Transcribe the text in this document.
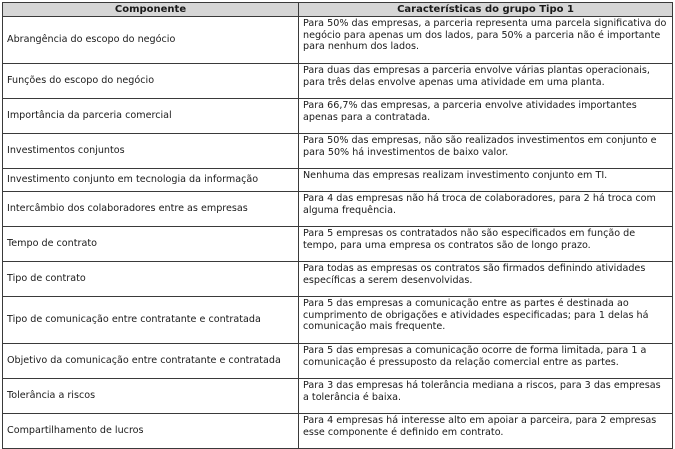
Componente	Características do grupo Tipo 1
Abrangência do escopo do negócio	Para 50% das empresas, a parceria representa uma parcela significativa do negócio para apenas um dos lados, para 50% a parceria não é importante para nenhum dos lados.
Funções do escopo do negócio	Para duas das empresas a parceria envolve várias plantas operacionais, para três delas envolve apenas uma atividade em uma planta.
Importância da parceria comercial	Para 66,7% das empresas, a parceria envolve atividades importantes apenas para a contratada.
Investimentos conjuntos	Para 50% das empresas, não são realizados investimentos em conjunto e para 50% há investimentos de baixo valor.
Investimento conjunto em tecnologia da informação	Nenhuma das empresas realizam investimento conjunto em TI.
Intercâmbio dos colaboradores entre as empresas	Para 4 das empresas não há troca de colaboradores, para 2 há troca com alguma frequência.
Tempo de contrato	Para 5 empresas os contratados não são especificados em função de tempo, para uma empresa os contratos são de longo prazo.
Tipo de contrato	Para todas as empresas os contratos são firmados definindo atividades específicas a serem desenvolvidas.
Tipo de comunicação entre contratante e contratada	Para 5 das empresas a comunicação entre as partes é destinada ao cumprimento de obrigações e atividades especificadas; para 1 delas há comunicação mais frequente.
Objetivo da comunicação entre contratante e contratada	Para 5 das empresas a comunicação ocorre de forma limitada, para 1 a comunicação é pressuposto da relação comercial entre as partes.
Tolerância a riscos	Para 3 das empresas há tolerância mediana a riscos, para 3 das empresas a tolerância é baixa.
Compartilhamento de lucros	Para 4 empresas há interesse alto em apoiar a parceira, para 2 empresas esse componente é definido em contrato.
